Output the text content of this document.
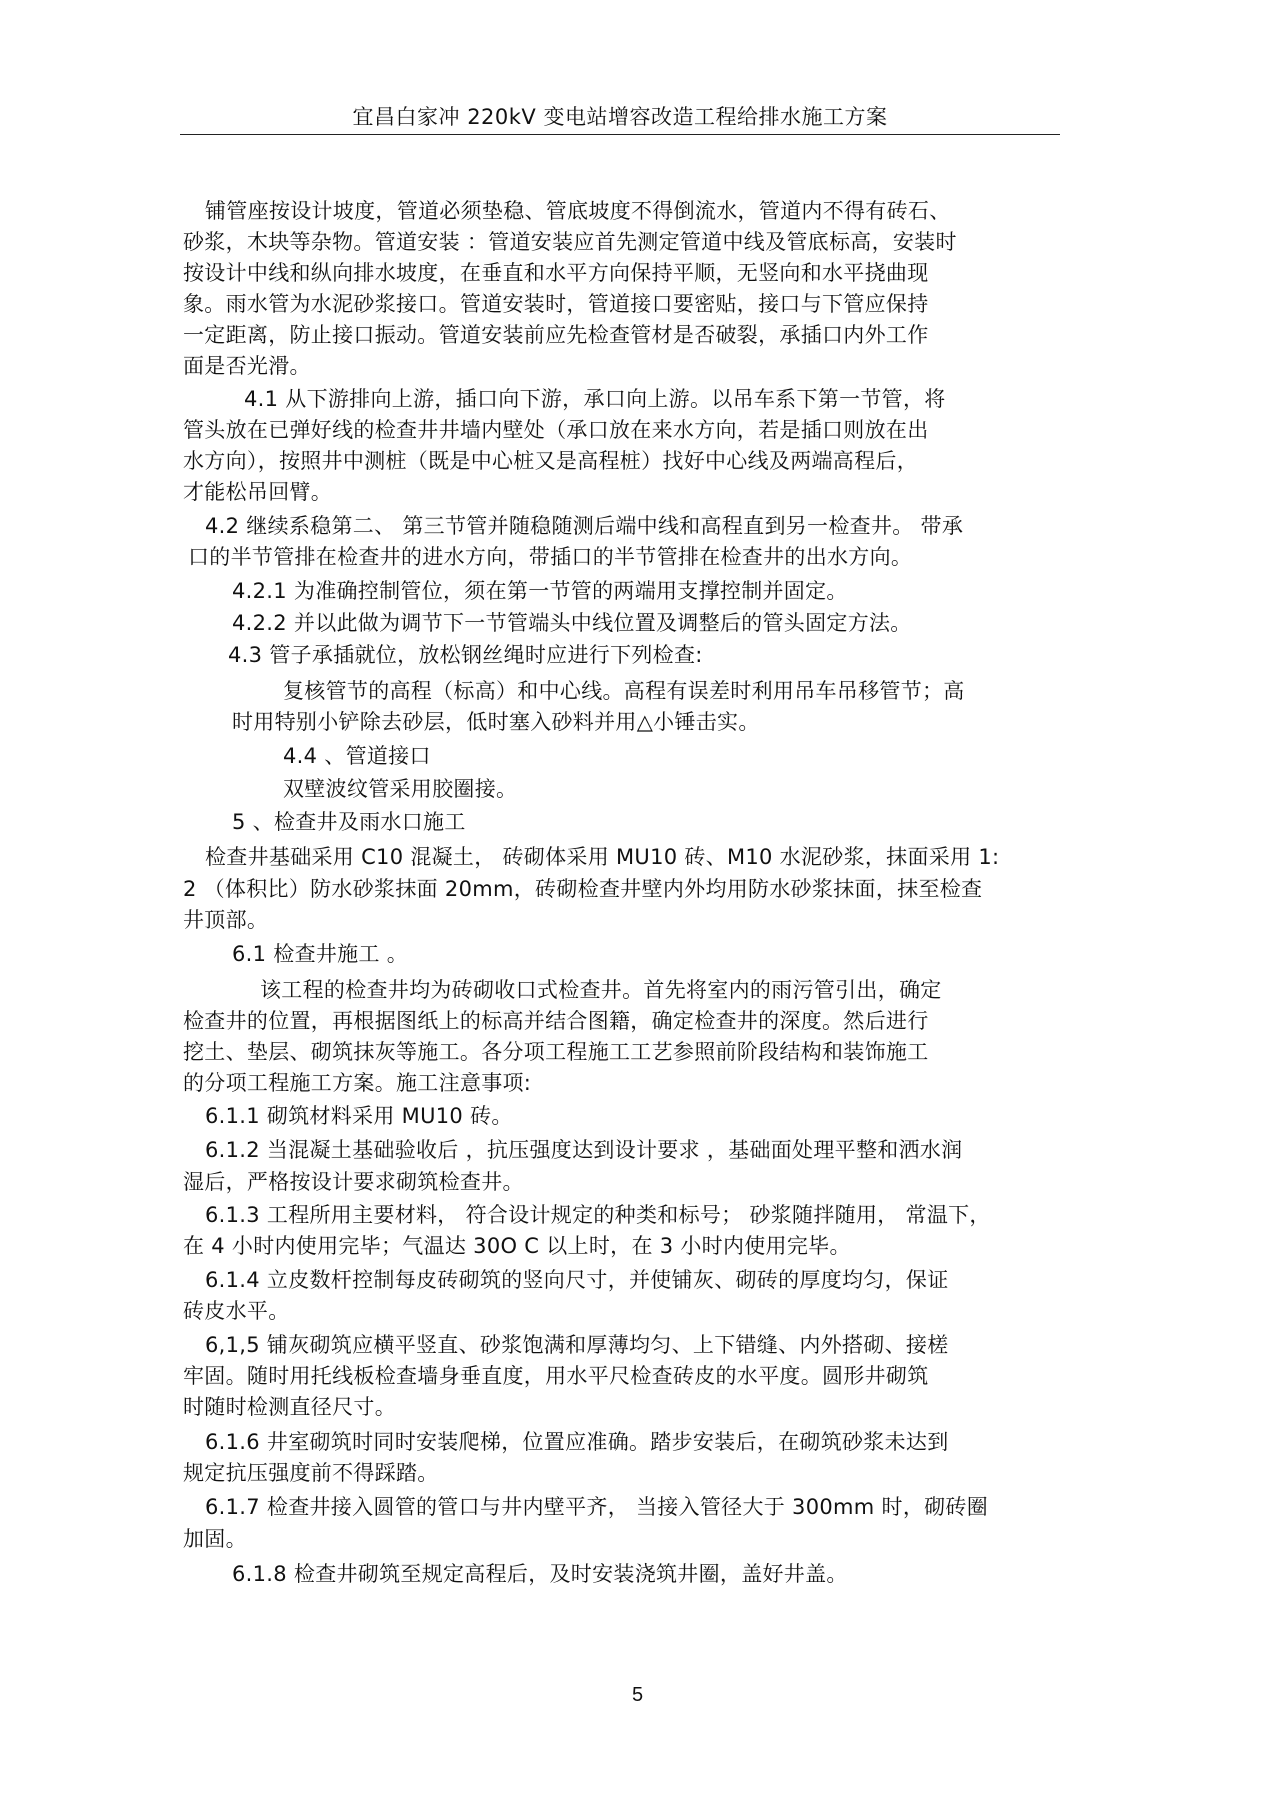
宜昌白家冲 220kV 变电站增容改造工程给排水施工方案
铺管座按设计坡度，管道必须垫稳、管底坡度不得倒流水，管道内不得有砖石、
砂浆，木块等杂物。管道安装 ：管道安装应首先测定管道中线及管底标高，安装时
按设计中线和纵向排水坡度，在垂直和水平方向保持平顺，无竖向和水平挠曲现
象。雨水管为水泥砂浆接口。管道安装时，管道接口要密贴，接口与下管应保持
一定距离，防止接口振动。管道安装前应先检查管材是否破裂，承插口内外工作
面是否光滑。
4.1 从下游排向上游，插口向下游，承口向上游。以吊车系下第一节管，将
管头放在已弹好线的检查井井墙内壁处（承口放在来水方向，若是插口则放在出
水方向），按照井中测桩（既是中心桩又是高程桩）找好中心线及两端高程后，
才能松吊回臂。
4.2 继续系稳第二、 第三节管并随稳随测后端中线和高程直到另一检查井。 带承
口的半节管排在检查井的进水方向，带插口的半节管排在检查井的出水方向。
4.2.1 为准确控制管位，须在第一节管的两端用支撑控制并固定。
4.2.2 并以此做为调节下一节管端头中线位置及调整后的管头固定方法。
4.3 管子承插就位，放松钢丝绳时应进行下列检查:
复核管节的高程（标高）和中心线。高程有误差时利用吊车吊移管节；高
时用特别小铲除去砂层，低时塞入砂料并用△小锤击实。
4.4 、管道接口
双壁波纹管采用胶圈接。
5 、检查井及雨水口施工
检查井基础采用 C10 混凝土， 砖砌体采用 MU10 砖、M10 水泥砂浆，抹面采用 1:
2 （体积比）防水砂浆抹面 20mm，砖砌检查井壁内外均用防水砂浆抹面，抹至检查
井顶部。
6.1 检查井施工 。
该工程的检查井均为砖砌收口式检查井。首先将室内的雨污管引出，确定
检查井的位置，再根据图纸上的标高并结合图籍，确定检查井的深度。然后进行
挖土、垫层、砌筑抹灰等施工。各分项工程施工工艺参照前阶段结构和装饰施工
的分项工程施工方案。施工注意事项:
6.1.1 砌筑材料采用 MU10 砖。
6.1.2 当混凝土基础验收后 ，抗压强度达到设计要求 ，基础面处理平整和洒水润
湿后，严格按设计要求砌筑检查井。
6.1.3 工程所用主要材料， 符合设计规定的种类和标号； 砂浆随拌随用， 常温下，
在 4 小时内使用完毕；气温达 30O C 以上时，在 3 小时内使用完毕。
6.1.4 立皮数杆控制每皮砖砌筑的竖向尺寸，并使铺灰、砌砖的厚度均匀，保证
砖皮水平。
6,1,5 铺灰砌筑应横平竖直、砂浆饱满和厚薄均匀、上下错缝、内外搭砌、接槎
牢固。随时用托线板检查墙身垂直度，用水平尺检查砖皮的水平度。圆形井砌筑
时随时检测直径尺寸。
6.1.6 井室砌筑时同时安装爬梯，位置应准确。踏步安装后，在砌筑砂浆未达到
规定抗压强度前不得踩踏。
6.1.7 检查井接入圆管的管口与井内壁平齐， 当接入管径大于 300mm 时，砌砖圈
加固。
6.1.8 检查井砌筑至规定高程后，及时安装浇筑井圈，盖好井盖。
5
